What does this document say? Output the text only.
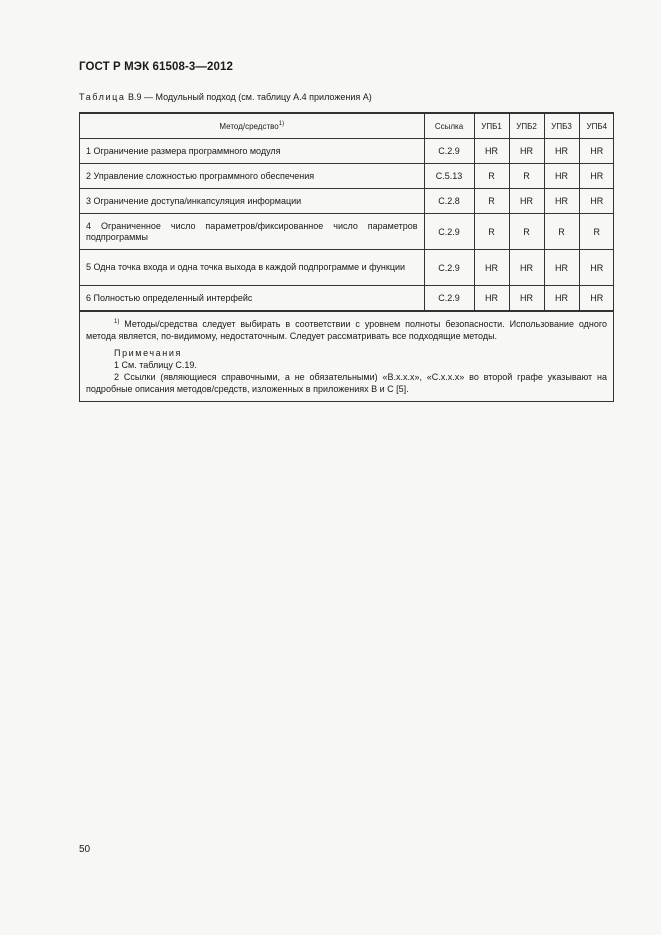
ГОСТ Р МЭК 61508-3—2012
Таблица В.9 — Модульный подход (см. таблицу А.4 приложения А)
Метод/средство$^{1)}$	Ссылка	УПБ1	УПБ2	УПБ3	УПБ4
1 Ограничение размера программного модуля	C.2.9	HR	HR	HR	HR
2 Управление сложностью программного обеспечения	C.5.13	R	R	HR	HR
3 Ограничение доступа/инкапсуляция информации	C.2.8	R	HR	HR	HR
4 Ограниченное число параметров/фиксированное число параметров подпрограммы	C.2.9	R	R	R	R
5 Одна точка входа и одна точка выхода в каждой подпрограмме и функции	C.2.9	HR	HR	HR	HR
6 Полностью определенный интерфейс	C.2.9	HR	HR	HR	HR

$^{1)}$ Методы/средства следует выбирать в соответствии с уровнем полноты безопасности. Использование одного метода является, по-видимому, недостаточным. Следует рассматривать все подходящие методы.

Примечания

1 См. таблицу С.19.

2 Ссылки (являющиеся справочными, а не обязательными) «В.х.х.х», «С.х.х.х» во второй графе указывают на подробные описания методов/средств, изложенных в приложениях В и С [5].

50
